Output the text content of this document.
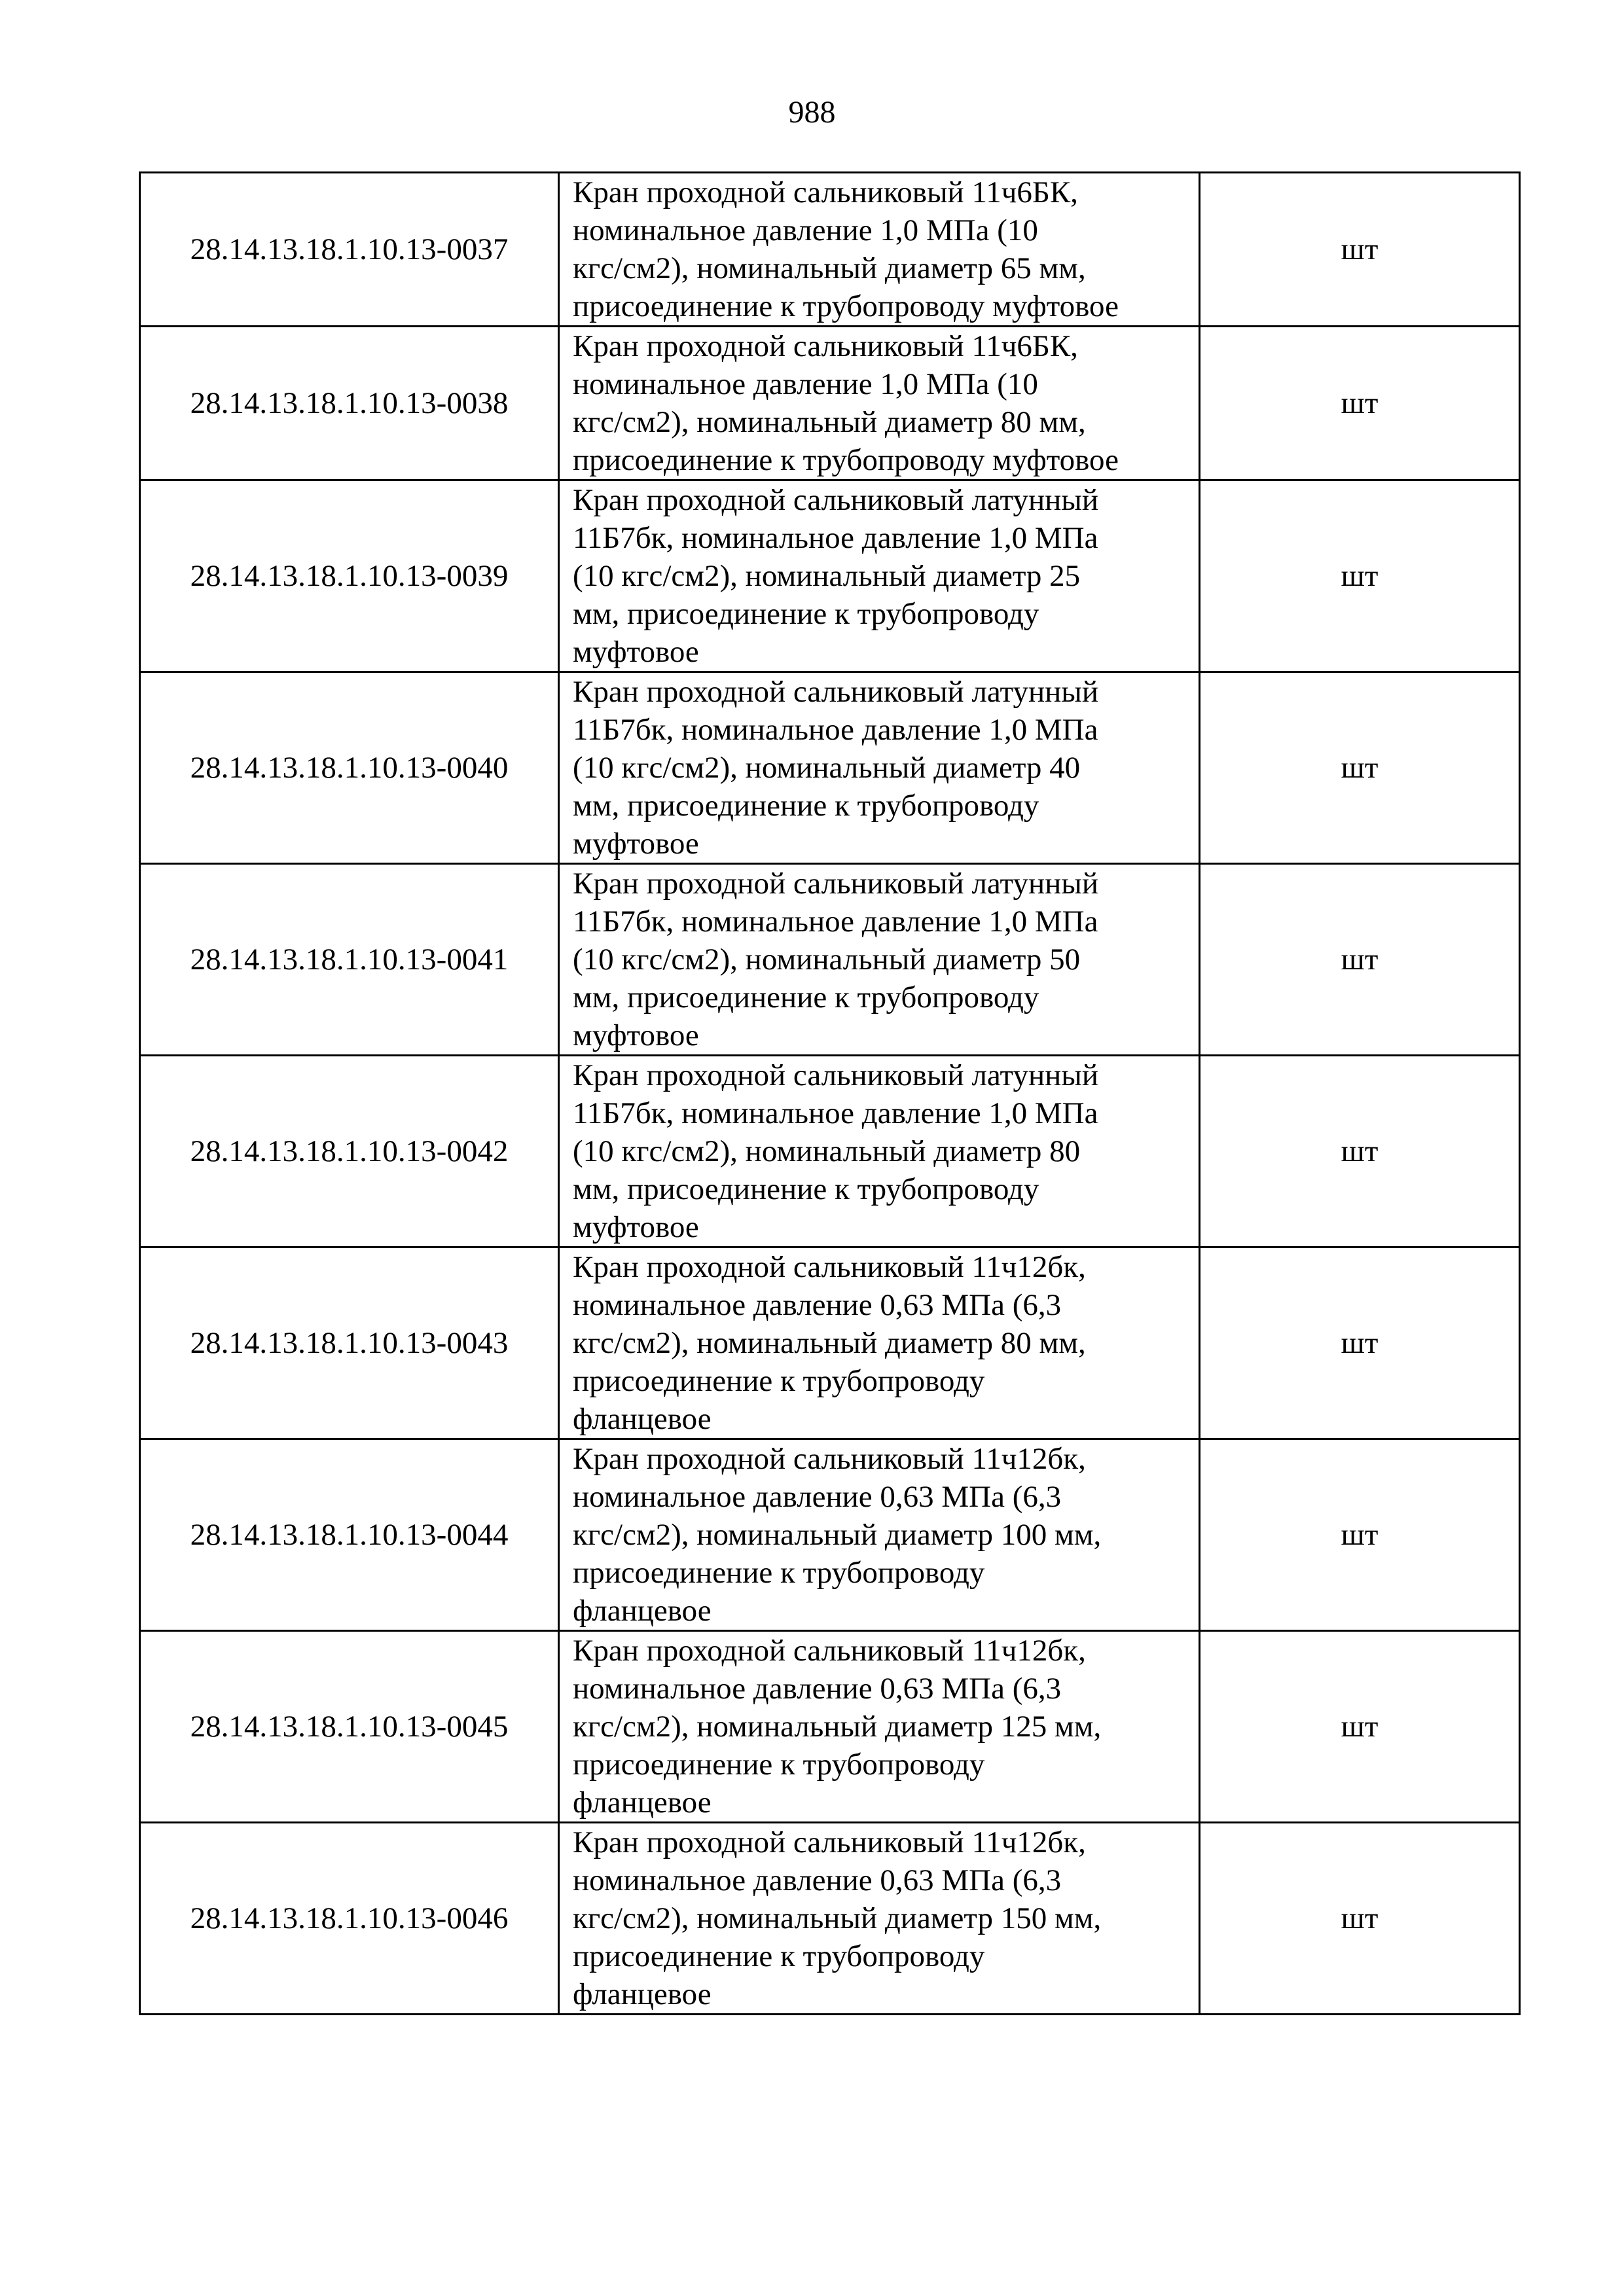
988
28.14.13.18.1.10.13-0037	Кран проходной сальниковый 11ч6БК,
номинальное давление 1,0 МПа (10
кгс/см2), номинальный диаметр 65 мм,
присоединение к трубопроводу муфтовое	шт
28.14.13.18.1.10.13-0038	Кран проходной сальниковый 11ч6БК,
номинальное давление 1,0 МПа (10
кгс/см2), номинальный диаметр 80 мм,
присоединение к трубопроводу муфтовое	шт
28.14.13.18.1.10.13-0039	Кран проходной сальниковый латунный
11Б7бк, номинальное давление 1,0 МПа
(10 кгс/см2), номинальный диаметр 25
мм, присоединение к трубопроводу
муфтовое	шт
28.14.13.18.1.10.13-0040	Кран проходной сальниковый латунный
11Б7бк, номинальное давление 1,0 МПа
(10 кгс/см2), номинальный диаметр 40
мм, присоединение к трубопроводу
муфтовое	шт
28.14.13.18.1.10.13-0041	Кран проходной сальниковый латунный
11Б7бк, номинальное давление 1,0 МПа
(10 кгс/см2), номинальный диаметр 50
мм, присоединение к трубопроводу
муфтовое	шт
28.14.13.18.1.10.13-0042	Кран проходной сальниковый латунный
11Б7бк, номинальное давление 1,0 МПа
(10 кгс/см2), номинальный диаметр 80
мм, присоединение к трубопроводу
муфтовое	шт
28.14.13.18.1.10.13-0043	Кран проходной сальниковый 11ч12бк,
номинальное давление 0,63 МПа (6,3
кгс/см2), номинальный диаметр 80 мм,
присоединение к трубопроводу
фланцевое	шт
28.14.13.18.1.10.13-0044	Кран проходной сальниковый 11ч12бк,
номинальное давление 0,63 МПа (6,3
кгс/см2), номинальный диаметр 100 мм,
присоединение к трубопроводу
фланцевое	шт
28.14.13.18.1.10.13-0045	Кран проходной сальниковый 11ч12бк,
номинальное давление 0,63 МПа (6,3
кгс/см2), номинальный диаметр 125 мм,
присоединение к трубопроводу
фланцевое	шт
28.14.13.18.1.10.13-0046	Кран проходной сальниковый 11ч12бк,
номинальное давление 0,63 МПа (6,3
кгс/см2), номинальный диаметр 150 мм,
присоединение к трубопроводу
фланцевое	шт
